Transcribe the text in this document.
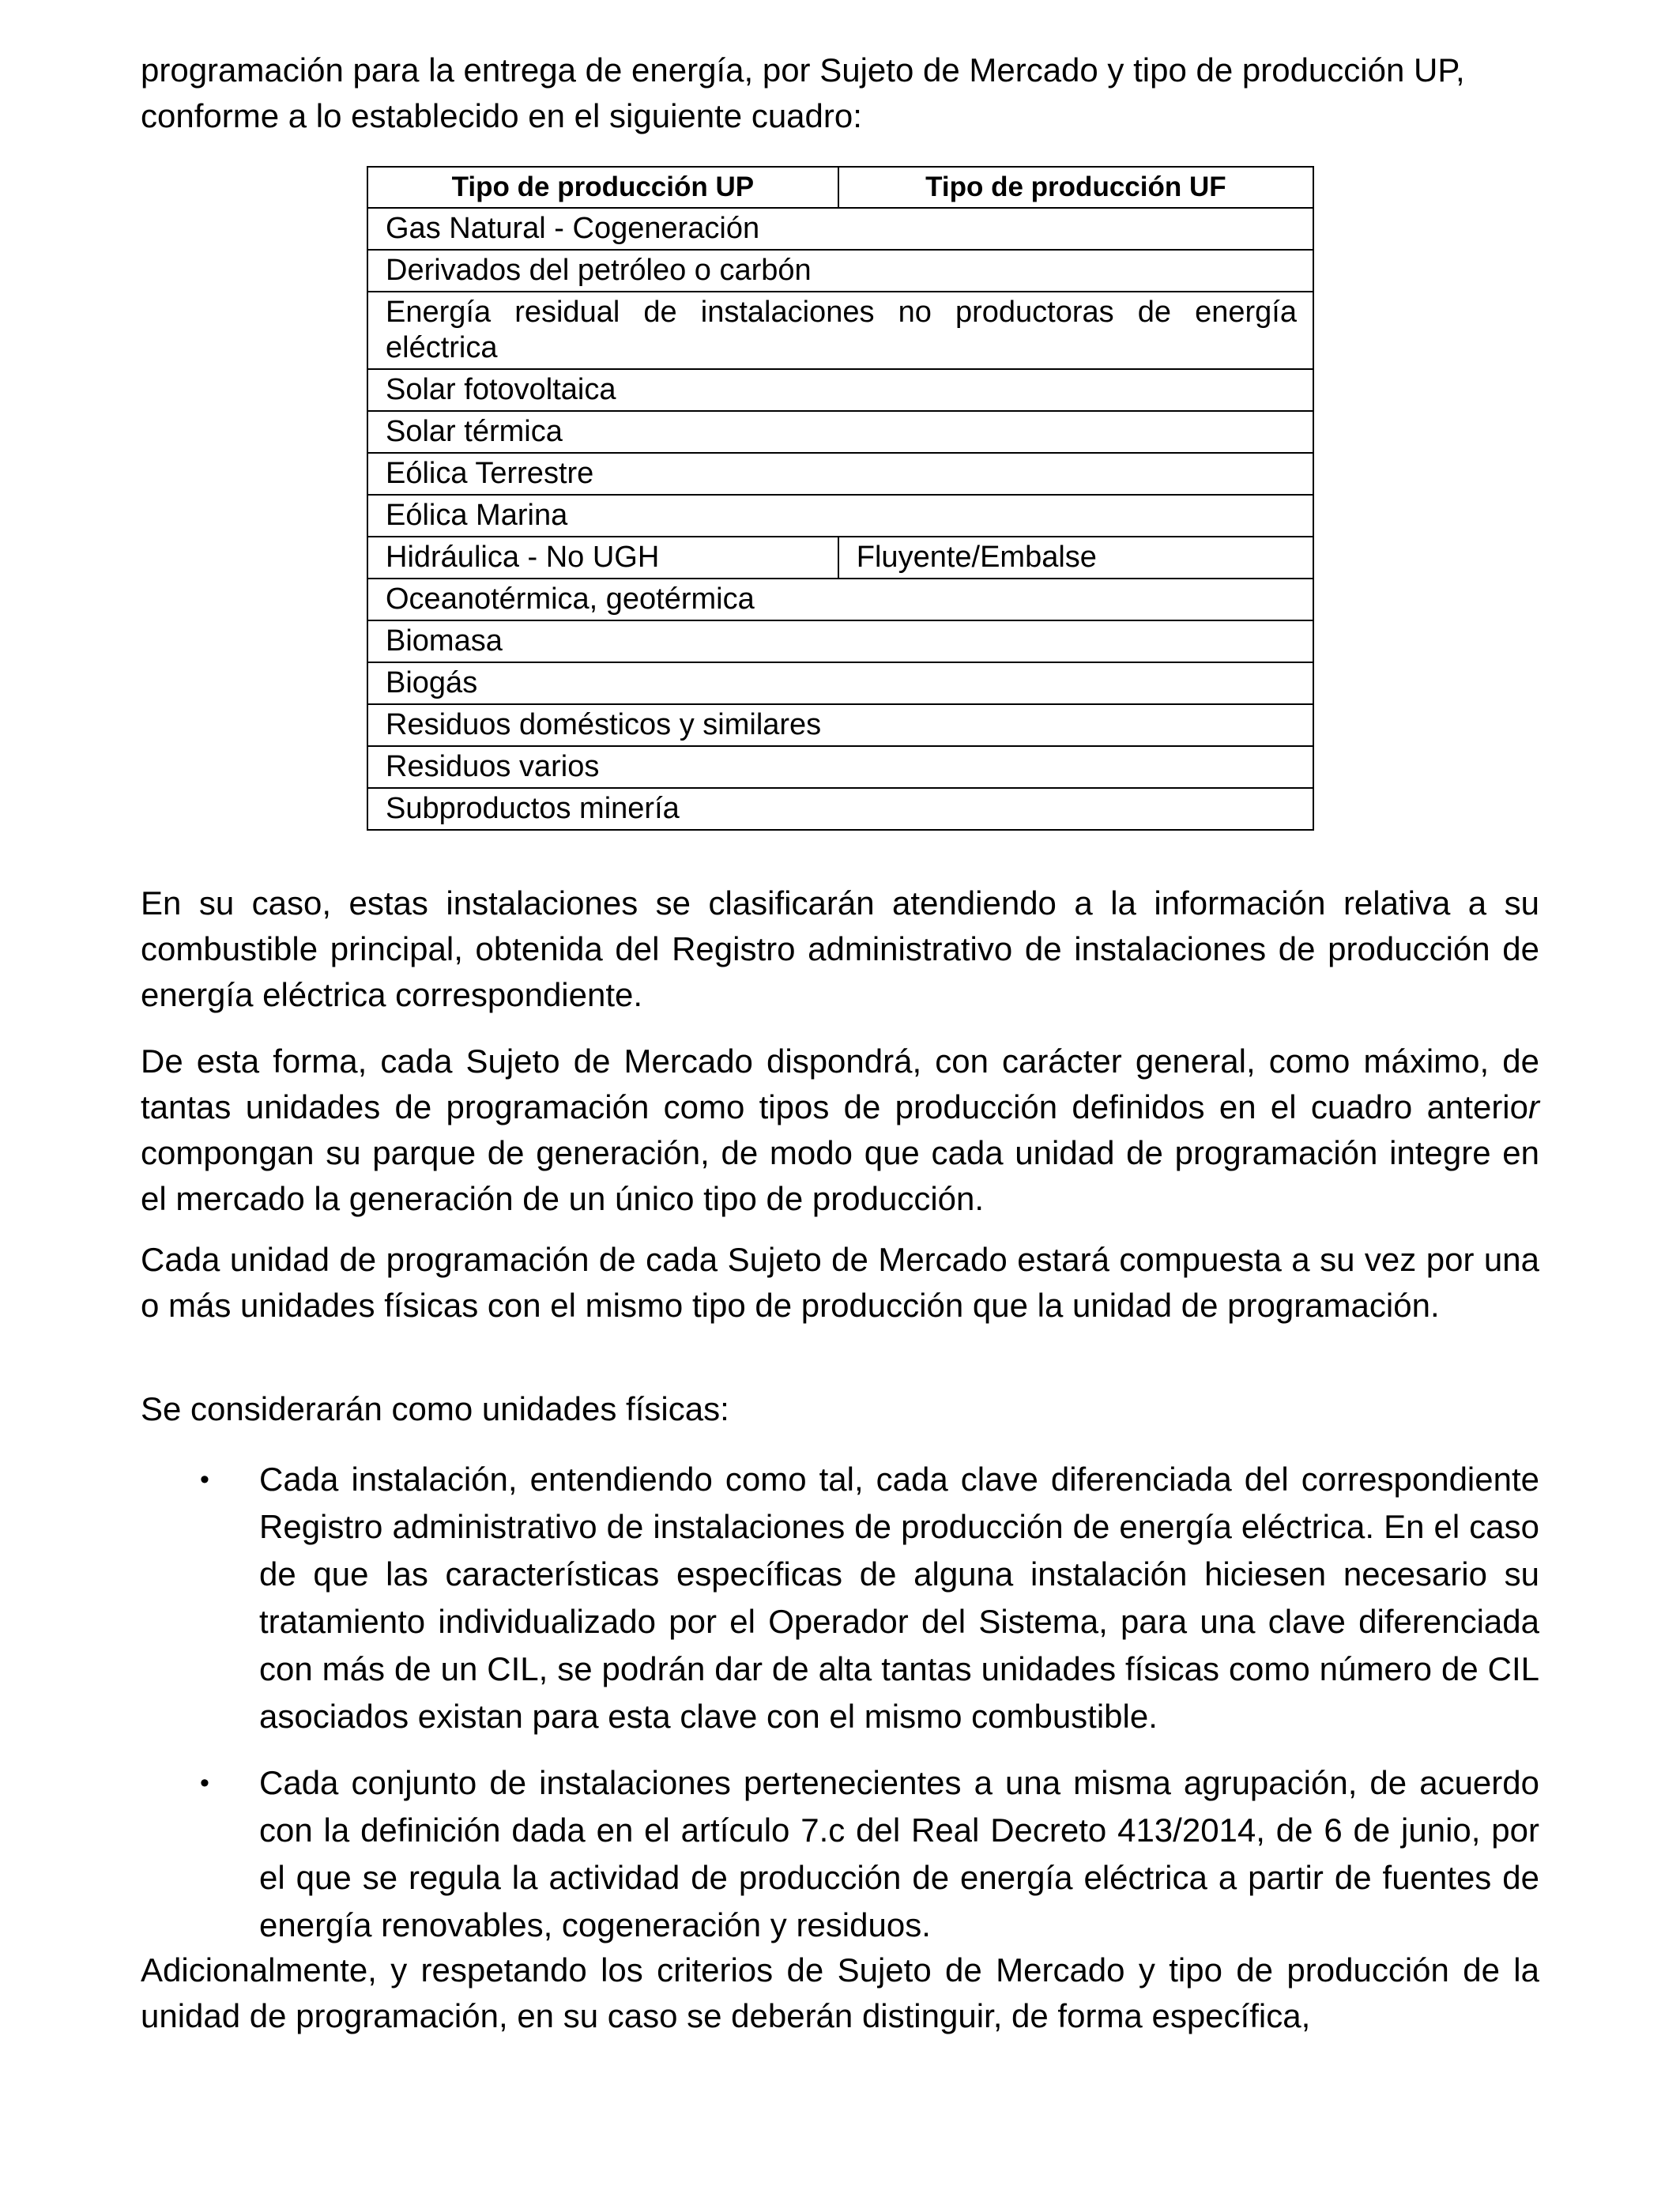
programación para la entrega de energía, por Sujeto de Mercado y tipo de producción UP, conforme a lo establecido en el siguiente cuadro:

Tipo de producción UP	Tipo de producción UF
Gas Natural - Cogeneración	
Derivados del petróleo o carbón	
Energía residual de instalaciones no productoras de energía eléctrica	
Solar fotovoltaica	
Solar térmica	
Eólica Terrestre	
Eólica Marina	
Hidráulica - No UGH	Fluyente/Embalse
Oceanotérmica, geotérmica	
Biomasa	
Biogás	
Residuos domésticos y similares	
Residuos varios	
Subproductos minería	

En su caso, estas instalaciones se clasificarán atendiendo a la información relativa a su combustible principal, obtenida del Registro administrativo de instalaciones de producción de energía eléctrica correspondiente.

De esta forma, cada Sujeto de Mercado dispondrá, con carácter general, como máximo, de tantas unidades de programación como tipos de producción definidos en el cuadro anterior compongan su parque de generación, de modo que cada unidad de programación integre en el mercado la generación de un único tipo de producción.

Cada unidad de programación de cada Sujeto de Mercado estará compuesta a su vez por una o más unidades físicas con el mismo tipo de producción que la unidad de programación.

Se considerarán como unidades físicas:

• Cada instalación, entendiendo como tal, cada clave diferenciada del correspondiente Registro administrativo de instalaciones de producción de energía eléctrica. En el caso de que las características específicas de alguna instalación hiciesen necesario su tratamiento individualizado por el Operador del Sistema, para una clave diferenciada con más de un CIL, se podrán dar de alta tantas unidades físicas como número de CIL asociados existan para esta clave con el mismo combustible.
• Cada conjunto de instalaciones pertenecientes a una misma agrupación, de acuerdo con la definición dada en el artículo 7.c del Real Decreto 413/2014, de 6 de junio, por el que se regula la actividad de producción de energía eléctrica a partir de fuentes de energía renovables, cogeneración y residuos.

Adicionalmente, y respetando los criterios de Sujeto de Mercado y tipo de producción de la unidad de programación, en su caso se deberán distinguir, de forma específica,
